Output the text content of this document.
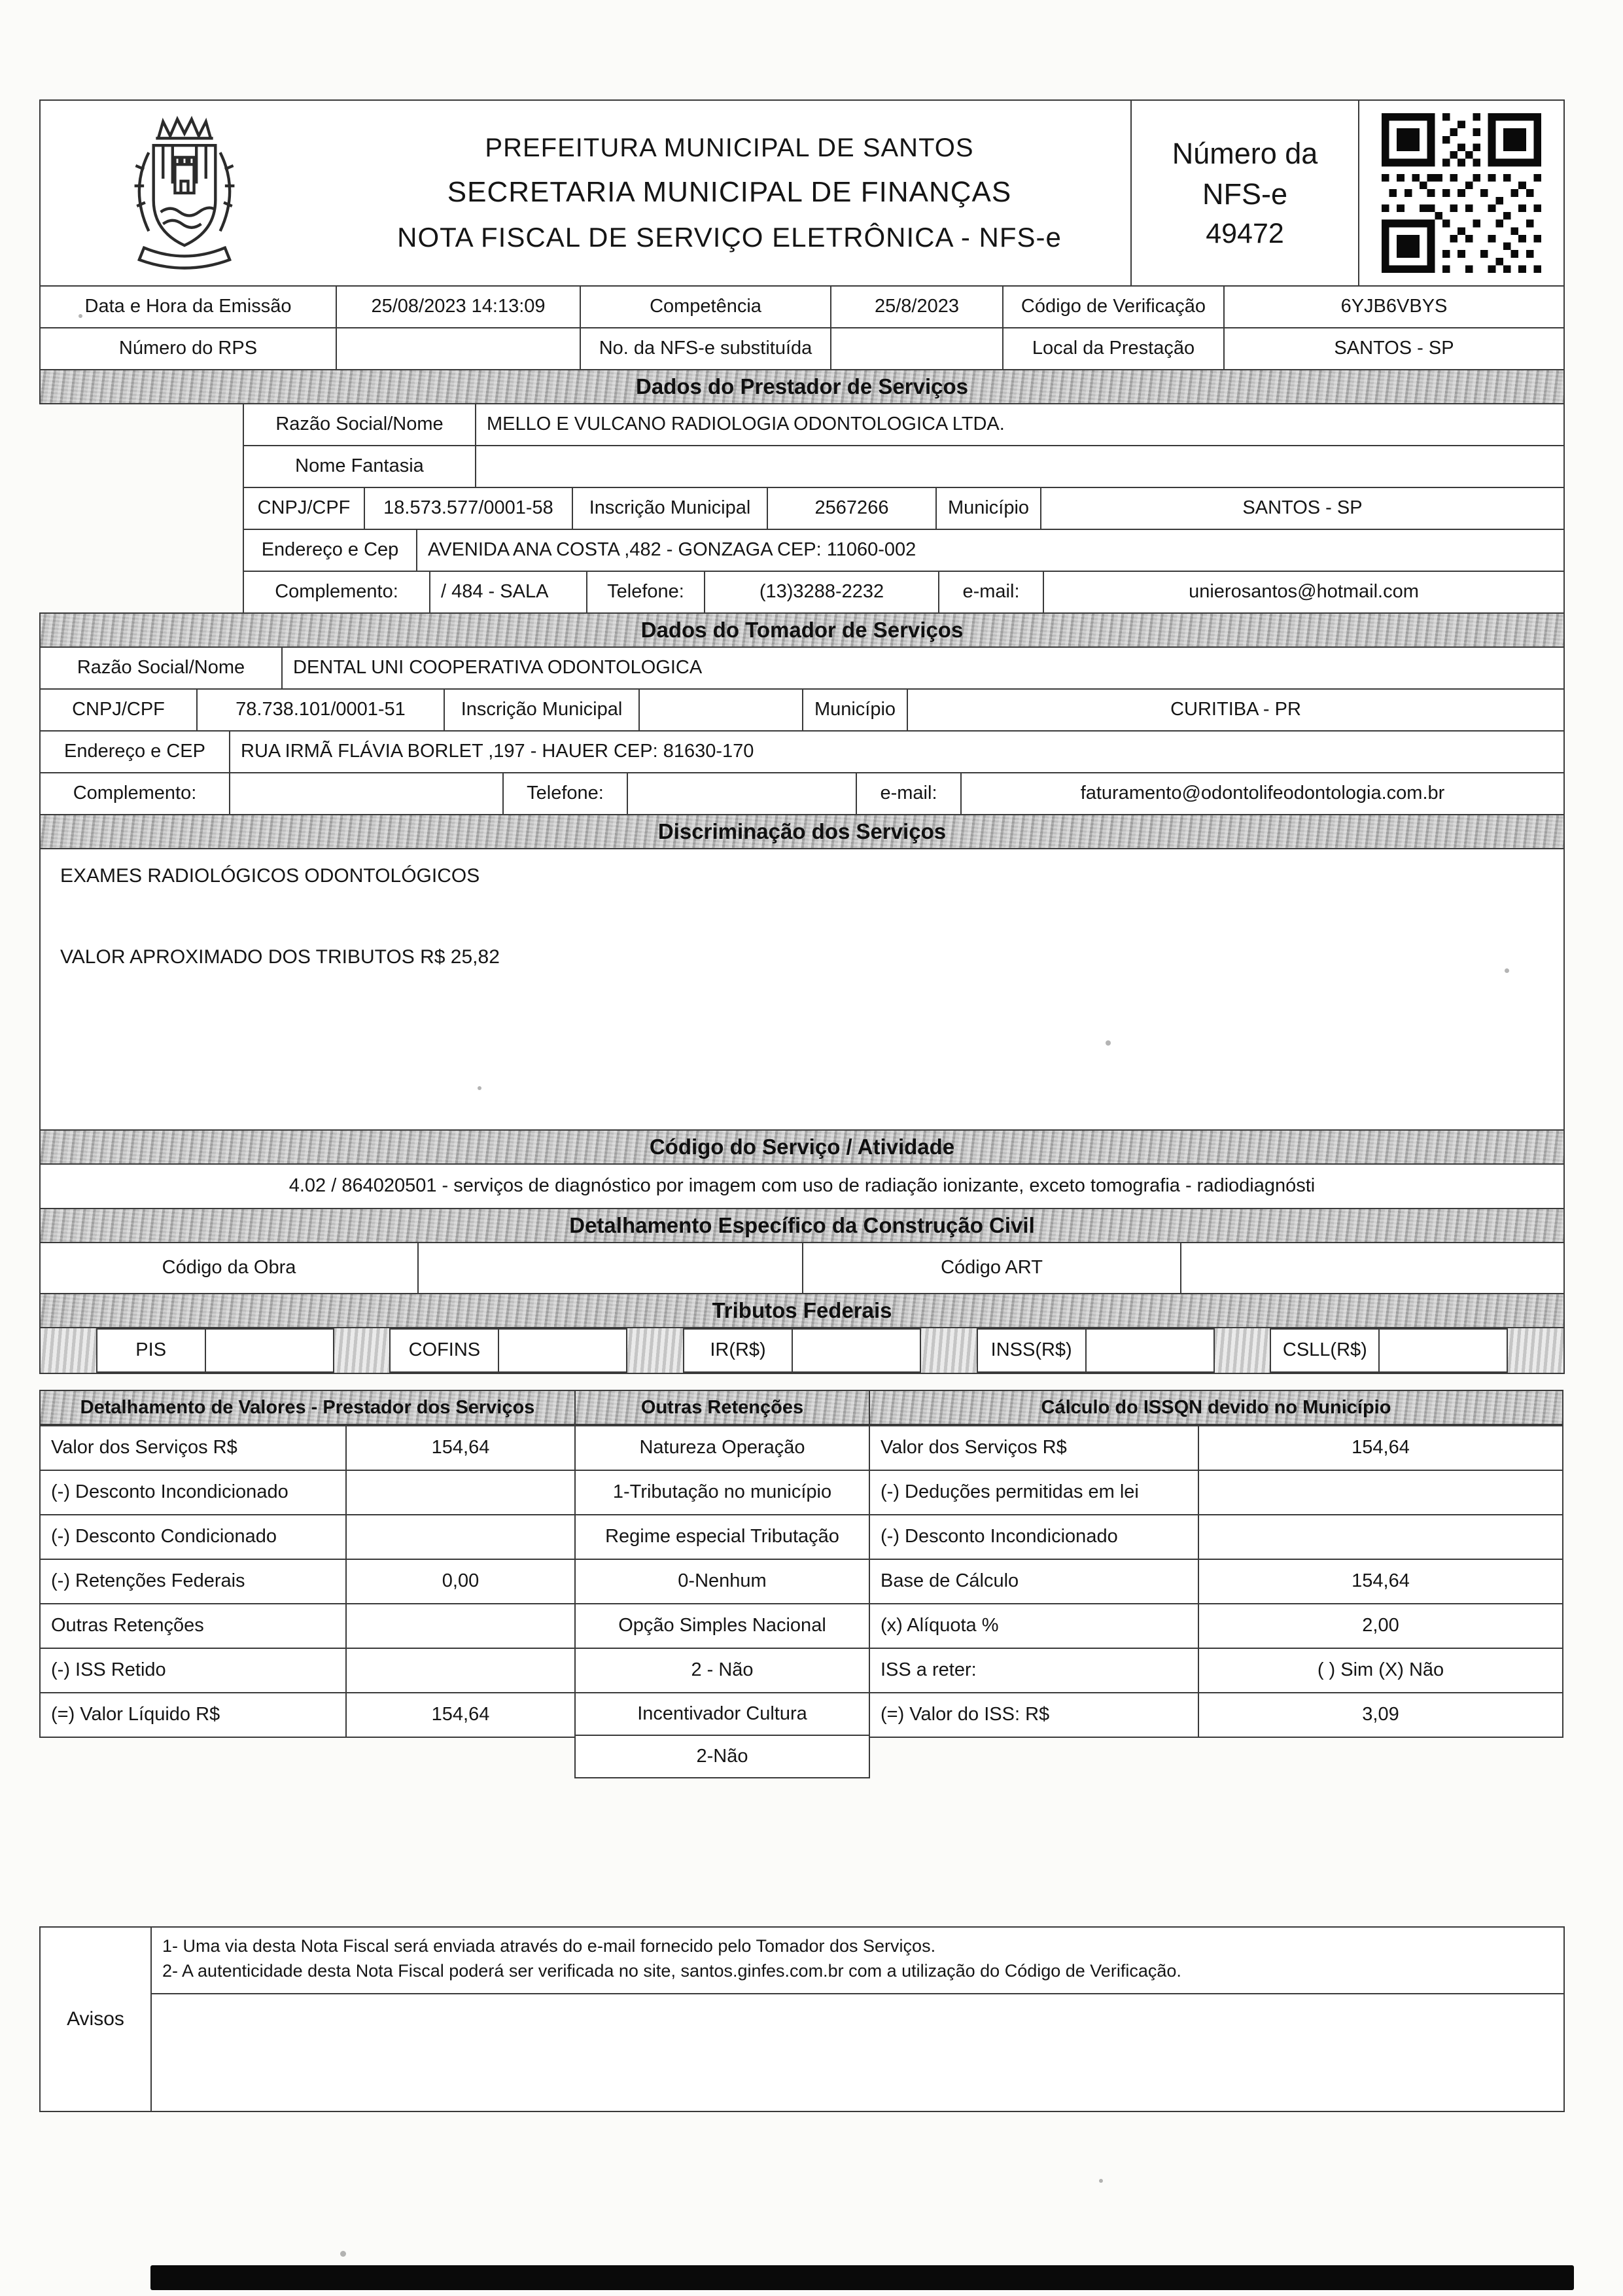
PREFEITURA MUNICIPAL DE SANTOS
SECRETARIA MUNICIPAL DE FINANÇAS
NOTA FISCAL DE SERVIÇO ELETRÔNICA - NFS-e
Número da
NFS-e
49472
Data e Hora da Emissão	25/08/2023 14:13:09	Competência	25/8/2023	Código de Verificação	6YJB6VBYS
Número do RPS	No. da NFS-e substituída	Local da Prestação	SANTOS - SP
Dados do Prestador de Serviços
Razão Social/Nome	MELLO E VULCANO RADIOLOGIA ODONTOLOGICA LTDA.
Nome Fantasia
CNPJ/CPF	18.573.577/0001-58	Inscrição Municipal	2567266	Município	SANTOS - SP
Endereço e Cep	AVENIDA ANA COSTA ,482 - GONZAGA CEP: 11060-002
Complemento:	/ 484 - SALA	Telefone:	(13)3288-2232	e-mail:	unierosantos@hotmail.com
Dados do Tomador de Serviços
Razão Social/Nome	DENTAL UNI COOPERATIVA ODONTOLOGICA
CNPJ/CPF	78.738.101/0001-51	Inscrição Municipal	Município	CURITIBA - PR
Endereço e CEP	RUA IRMÃ FLÁVIA BORLET ,197 - HAUER CEP: 81630-170
Complemento:	Telefone:	e-mail:	faturamento@odontolifeodontologia.com.br
Discriminação dos Serviços
EXAMES RADIOLÓGICOS ODONTOLÓGICOS
VALOR APROXIMADO DOS TRIBUTOS R$ 25,82
Código do Serviço / Atividade
4.02 / 864020501 - serviços de diagnóstico por imagem com uso de radiação ionizante, exceto tomografia - radiodiagnósti
Detalhamento Específico da Construção Civil
Código da Obra	Código ART
Tributos Federais
PIS	COFINS	IR(R$)	INSS(R$)	CSLL(R$)
Detalhamento de Valores - Prestador dos Serviços
Valor dos Serviços R$	154,64
(-) Desconto Incondicionado
(-) Desconto Condicionado
(-) Retenções Federais	0,00
Outras Retenções
(-) ISS Retido
(=) Valor Líquido R$	154,64
Outras Retenções
Natureza Operação
1-Tributação no município
Regime especial Tributação
0-Nenhum
Opção Simples Nacional
2 - Não
Incentivador Cultura
2-Não
Cálculo do ISSQN devido no Município
Valor dos Serviços R$	154,64
(-) Deduções permitidas em lei
(-) Desconto Incondicionado
Base de Cálculo	154,64
(x) Alíquota %	2,00
ISS a reter:	( ) Sim (X) Não
(=) Valor do ISS: R$	3,09
Avisos
1- Uma via desta Nota Fiscal será enviada através do e-mail fornecido pelo Tomador dos Serviços.
2- A autenticidade desta Nota Fiscal poderá ser verificada no site, santos.ginfes.com.br com a utilização do Código de Verificação.
